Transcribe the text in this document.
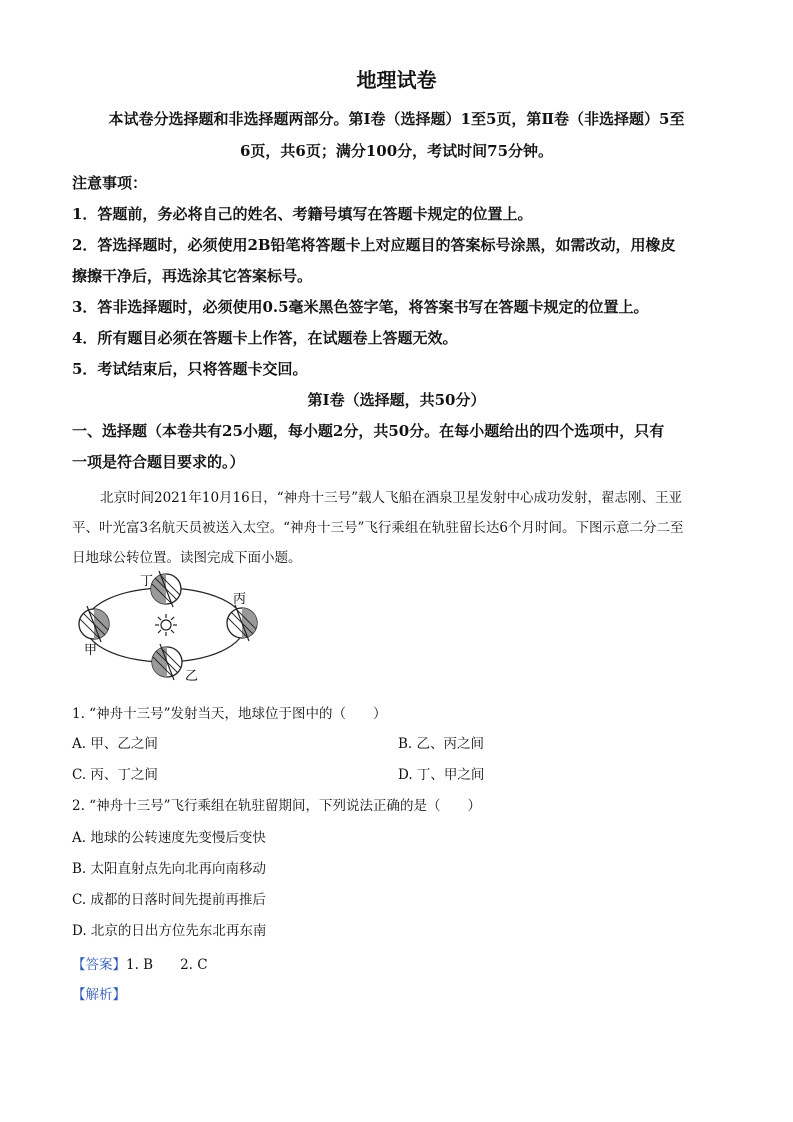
地理试卷
本试卷分选择题和非选择题两部分。第Ⅰ卷（选择题）1至5页，第Ⅱ卷（非选择题）5至
6页，共6页；满分100分，考试时间75分钟。
注意事项：
1．答题前，务必将自己的姓名、考籍号填写在答题卡规定的位置上。
2．答选择题时，必须使用2B铅笔将答题卡上对应题目的答案标号涂黑，如需改动，用橡皮
擦擦干净后，再选涂其它答案标号。
3．答非选择题时，必须使用0.5毫米黑色签字笔，将答案书写在答题卡规定的位置上。
4．所有题目必须在答题卡上作答，在试题卷上答题无效。
5．考试结束后，只将答题卡交回。
第Ⅰ卷（选择题，共50分）
一、选择题（本卷共有25小题，每小题2分，共50分。在每小题给出的四个选项中，只有
一项是符合题目要求的。）
北京时间2021年10月16日，“神舟十三号”载人飞船在酒泉卫星发射中心成功发射，翟志刚、王亚
平、叶光富3名航天员被送入太空。“神舟十三号”飞行乘组在轨驻留长达6个月时间。下图示意二分二至
日地球公转位置。读图完成下面小题。
丁
丙
甲
乙
1. “神舟十三号”发射当天，地球位于图中的（　　）
A. 甲、乙之间	B. 乙、丙之间
C. 丙、丁之间	D. 丁、甲之间
2. “神舟十三号”飞行乘组在轨驻留期间，下列说法正确的是（　　）
A. 地球的公转速度先变慢后变快
B. 太阳直射点先向北再向南移动
C. 成都的日落时间先提前再推后
D. 北京的日出方位先东北再东南
【答案】1. B　　2. C
【解析】
